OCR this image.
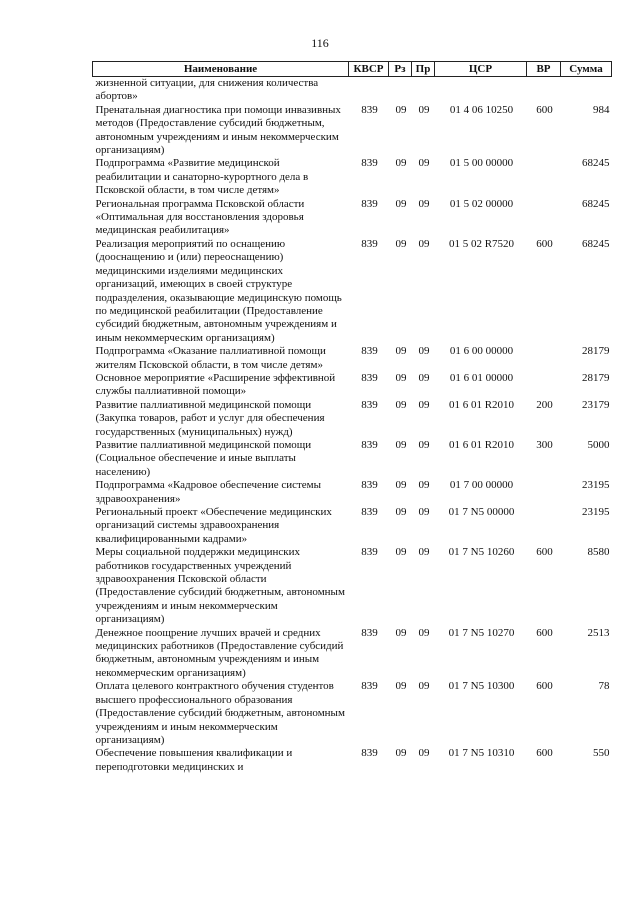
116
Наименование	КВСР	Рз	Пр	ЦСР	ВР	Сумма
жизненной ситуации, для снижения количества абортов»						
Пренатальная диагностика при помощи инвазивных методов (Предоставление субсидий бюджетным, автономным учреждениям и иным некоммерческим организациям)	839	09	09	01 4 06 10250	600	984
Подпрограмма «Развитие медицинской реабилитации и санаторно-курортного дела в Псковской области, в том числе детям»	839	09	09	01 5 00 00000		68245
Региональная программа Псковской области «Оптимальная для восстановления здоровья медицинская реабилитация»	839	09	09	01 5 02 00000		68245
Реализация мероприятий по оснащению (дооснащению и (или) переоснащению) медицинскими изделиями медицинских организаций, имеющих в своей структуре подразделения, оказывающие медицинскую помощь по медицинской реабилитации (Предоставление субсидий бюджетным, автономным учреждениям и иным некоммерческим организациям)	839	09	09	01 5 02 R7520	600	68245
Подпрограмма «Оказание паллиативной помощи жителям Псковской области, в том числе детям»	839	09	09	01 6 00 00000		28179
Основное мероприятие «Расширение эффективной службы паллиативной помощи»	839	09	09	01 6 01 00000		28179
Развитие паллиативной медицинской помощи (Закупка товаров, работ и услуг для обеспечения государственных (муниципальных) нужд)	839	09	09	01 6 01 R2010	200	23179
Развитие паллиативной медицинской помощи (Социальное обеспечение и иные выплаты населению)	839	09	09	01 6 01 R2010	300	5000
Подпрограмма «Кадровое обеспечение системы здравоохранения»	839	09	09	01 7 00 00000		23195
Региональный проект «Обеспечение медицинских организаций системы здравоохранения квалифицированными кадрами»	839	09	09	01 7 N5 00000		23195
Меры социальной поддержки медицинских работников государственных учреждений здравоохранения Псковской области (Предоставление субсидий бюджетным, автономным учреждениям и иным некоммерческим организациям)	839	09	09	01 7 N5 10260	600	8580
Денежное поощрение лучших врачей и средних медицинских работников (Предоставление субсидий бюджетным, автономным учреждениям и иным некоммерческим организациям)	839	09	09	01 7 N5 10270	600	2513
Оплата целевого контрактного обучения студентов высшего профессионального образования (Предоставление субсидий бюджетным, автономным учреждениям и иным некоммерческим организациям)	839	09	09	01 7 N5 10300	600	78
Обеспечение повышения квалификации и переподготовки медицинских и	839	09	09	01 7 N5 10310	600	550
